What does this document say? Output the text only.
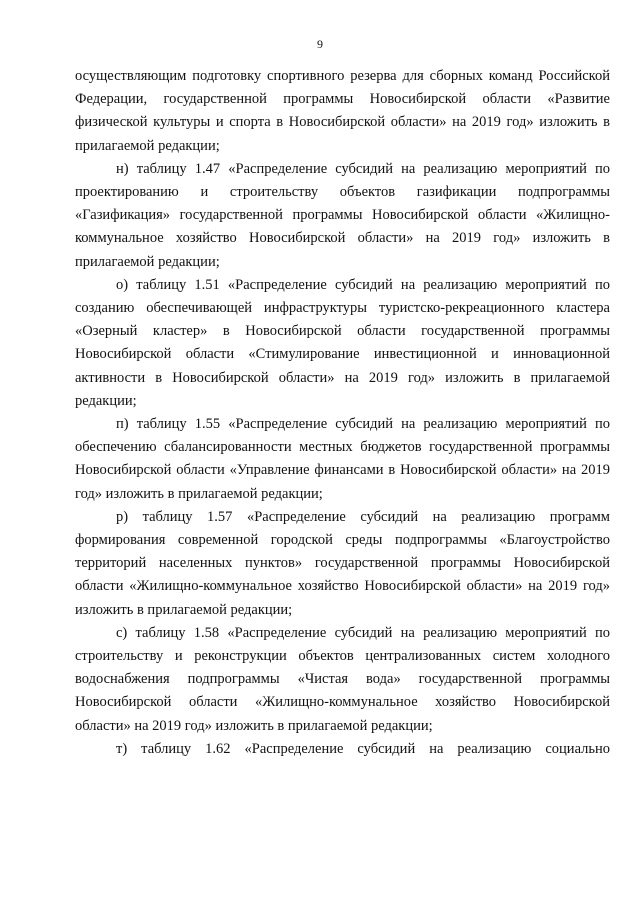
9

осуществляющим подготовку спортивного резерва для сборных команд Российской Федерации, государственной программы Новосибирской области «Развитие физической культуры и спорта в Новосибирской области» на 2019 год» изложить в прилагаемой редакции;

н) таблицу 1.47 «Распределение субсидий на реализацию мероприятий по проектированию и строительству объектов газификации подпрограммы «Газификация» государственной программы Новосибирской области «Жилищно-коммунальное хозяйство Новосибирской области» на 2019 год» изложить в прилагаемой редакции;

о) таблицу 1.51 «Распределение субсидий на реализацию мероприятий по созданию обеспечивающей инфраструктуры туристско-рекреационного кластера «Озерный кластер» в Новосибирской области государственной программы Новосибирской области «Стимулирование инвестиционной и инновационной активности в Новосибирской области» на 2019 год» изложить в прилагаемой редакции;

п) таблицу 1.55 «Распределение субсидий на реализацию мероприятий по обеспечению сбалансированности местных бюджетов государственной программы Новосибирской области «Управление финансами в Новосибирской области» на 2019 год» изложить в прилагаемой редакции;

р) таблицу 1.57 «Распределение субсидий на реализацию программ формирования современной городской среды подпрограммы «Благоустройство территорий населенных пунктов» государственной программы Новосибирской области «Жилищно-коммунальное хозяйство Новосибирской области» на 2019 год» изложить в прилагаемой редакции;

с) таблицу 1.58 «Распределение субсидий на реализацию мероприятий по строительству и реконструкции объектов централизованных систем холодного водоснабжения подпрограммы «Чистая вода» государственной программы Новосибирской области «Жилищно-коммунальное хозяйство Новосибирской области» на 2019 год» изложить в прилагаемой редакции;

т) таблицу 1.62 «Распределение субсидий на реализацию социально
